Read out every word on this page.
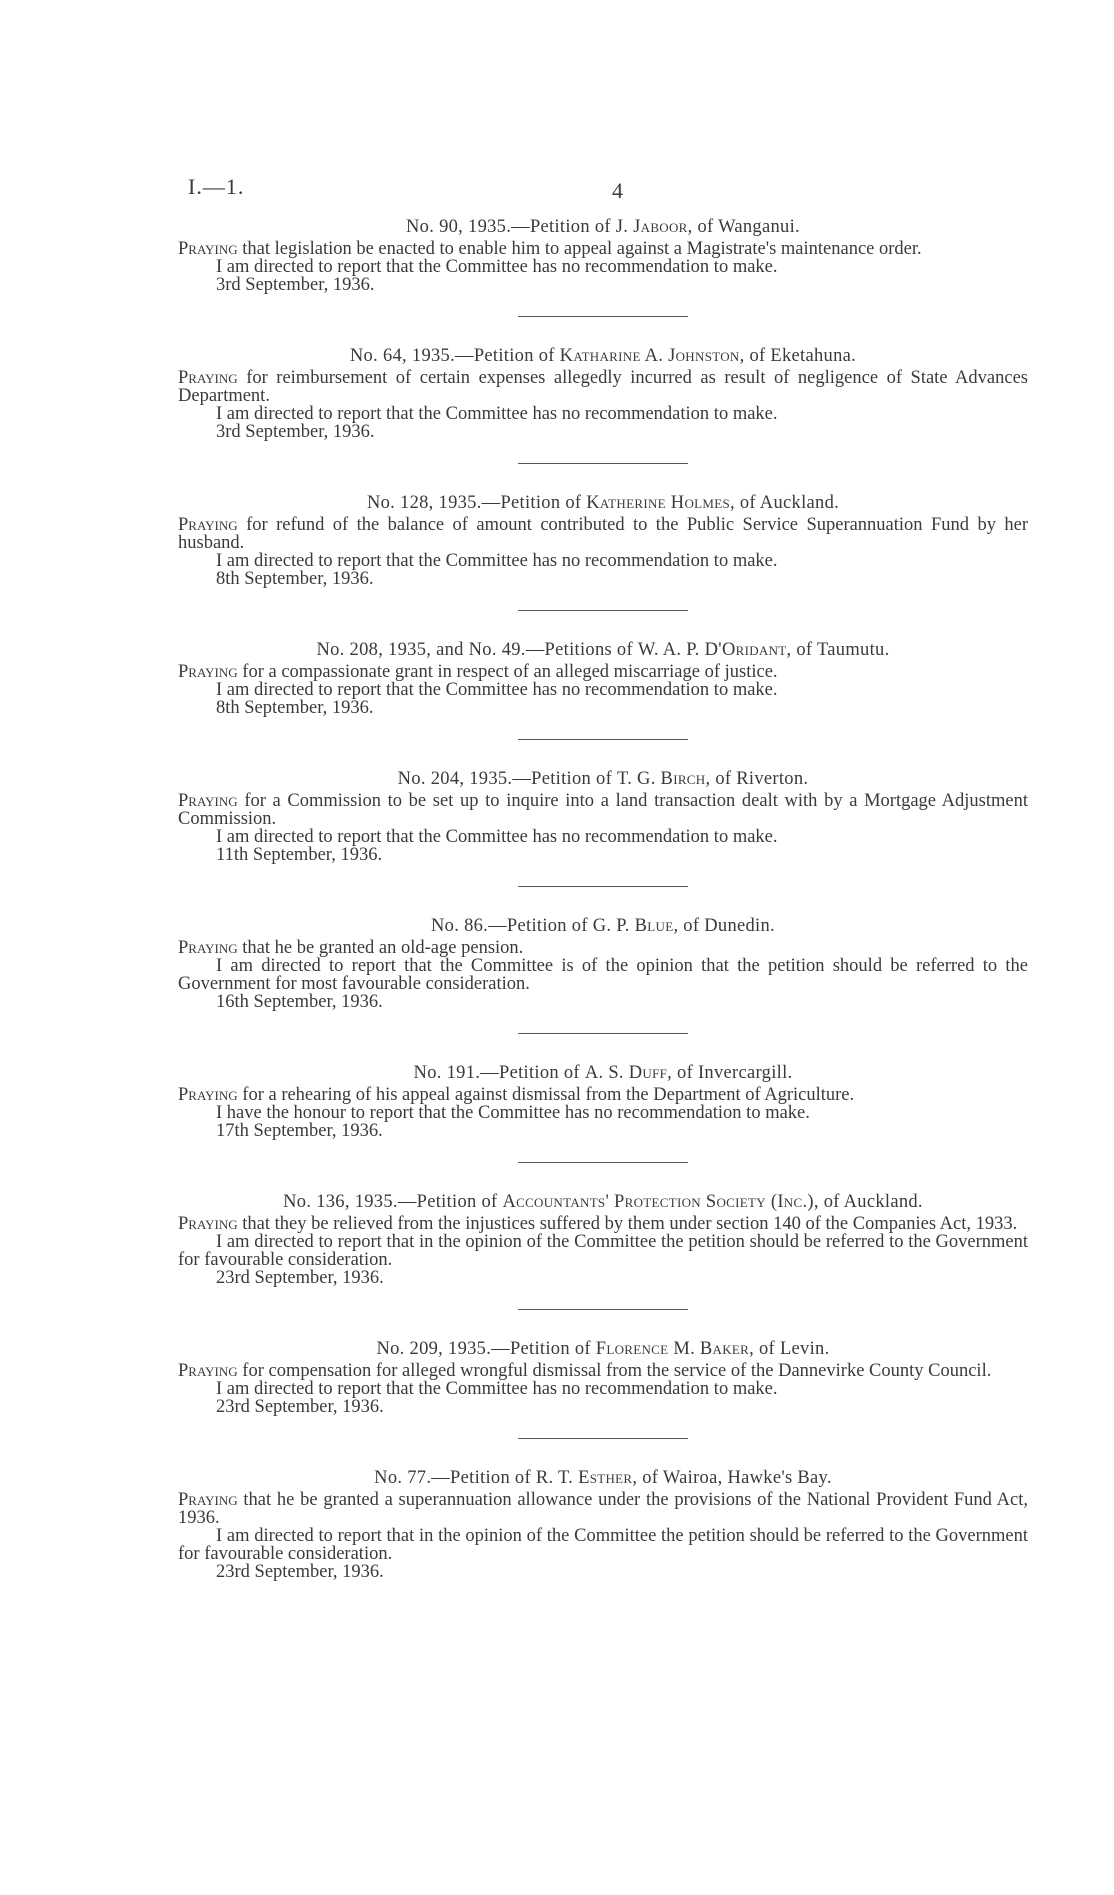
I.—1.	4
No. 90, 1935.—Petition of J. Jaboor, of Wanganui.
Praying that legislation be enacted to enable him to appeal against a Magistrate's maintenance order.
I am directed to report that the Committee has no recommendation to make.
3rd September, 1936.
No. 64, 1935.—Petition of Katharine A. Johnston, of Eketahuna.
Praying for reimbursement of certain expenses allegedly incurred as result of negligence of State Advances Department.
I am directed to report that the Committee has no recommendation to make.
3rd September, 1936.
No. 128, 1935.—Petition of Katherine Holmes, of Auckland.
Praying for refund of the balance of amount contributed to the Public Service Superannuation Fund by her husband.
I am directed to report that the Committee has no recommendation to make.
8th September, 1936.
No. 208, 1935, and No. 49.—Petitions of W. A. P. D'Oridant, of Taumutu.
Praying for a compassionate grant in respect of an alleged miscarriage of justice.
I am directed to report that the Committee has no recommendation to make.
8th September, 1936.
No. 204, 1935.—Petition of T. G. Birch, of Riverton.
Praying for a Commission to be set up to inquire into a land transaction dealt with by a Mortgage Adjustment Commission.
I am directed to report that the Committee has no recommendation to make.
11th September, 1936.
No. 86.—Petition of G. P. Blue, of Dunedin.
Praying that he be granted an old-age pension.
I am directed to report that the Committee is of the opinion that the petition should be referred to the Government for most favourable consideration.
16th September, 1936.
No. 191.—Petition of A. S. Duff, of Invercargill.
Praying for a rehearing of his appeal against dismissal from the Department of Agriculture.
I have the honour to report that the Committee has no recommendation to make.
17th September, 1936.
No. 136, 1935.—Petition of Accountants' Protection Society (Inc.), of Auckland.
Praying that they be relieved from the injustices suffered by them under section 140 of the Companies Act, 1933.
I am directed to report that in the opinion of the Committee the petition should be referred to the Government for favourable consideration.
23rd September, 1936.
No. 209, 1935.—Petition of Florence M. Baker, of Levin.
Praying for compensation for alleged wrongful dismissal from the service of the Dannevirke County Council.
I am directed to report that the Committee has no recommendation to make.
23rd September, 1936.
No. 77.—Petition of R. T. Esther, of Wairoa, Hawke's Bay.
Praying that he be granted a superannuation allowance under the provisions of the National Provident Fund Act, 1936.
I am directed to report that in the opinion of the Committee the petition should be referred to the Government for favourable consideration.
23rd September, 1936.
